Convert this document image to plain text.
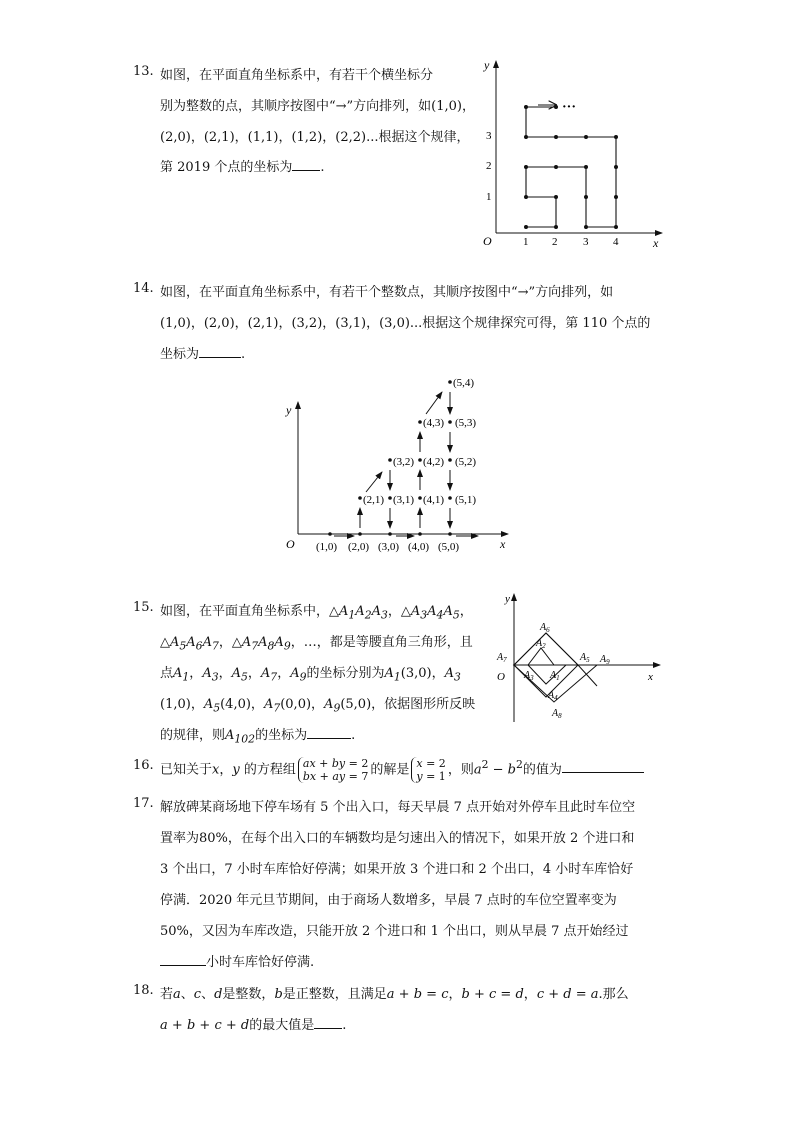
13. 如图，在平面直角坐标系中，有若干个横坐标分
别为整数的点，其顺序按图中“→”方向排列，如(1,0)，
(2,0)，(2,1)，(1,1)，(1,2)，(2,2)...根据这个规律，
第 2019 个点的坐标为 .
y
x
O	1 2 3 4
1
2
3
···
14. 如图，在平面直角坐标系中，有若干个整数点，其顺序按图中“→”方向排列，如
(1,0)，(2,0)，(2,1)，(3,2)，(3,1)，(3,0)...根据这个规律探究可得，第 110 个点的
坐标为	.
y
x
O (1,0) (2,0) (3,0) (4,0) (5,0)
(2,1)
(3,2)
(3,1)
(4,3)
(4,2)
(4,1)
(5,4)
(5,3)
(5,2)
(5,1)
15. 如图，在平面直角坐标系中，$\triangle A_1A_2A_3$，$\triangle A_3A_4A_5$，
$\triangle A_5A_6A_7$，$\triangle A_7A_8A_9$，…，都是等腰直角三角形，且
点$A_1$，$A_3$，$A_5$，$A_7$，$A_9$的坐标分别为$A_1(3,0)$，$A_3$
(1,0)，$A_5(4,0)$，$A_7(0,0)$，$A_9(5,0)$，依据图形所反映
的规律，则$A_{102}$的坐标为	.
y
x
O
$A_6$
$A_2$
$A_7$	$A_5$ $A_9$
$A_3$ $A_1$
$A_4$
$A_8$
16. 已知关于x，y 的方程组 ax + by = 2
bx + ay = 7 的解是 x = 2
y = 1 ，则$a^2 - b^2$的值为
17. 解放碑某商场地下停车场有 5 个出入口，每天早晨 7 点开始对外停车且此时车位空
置率为80%，在每个出入口的车辆数均是匀速出入的情况下，如果开放 2 个进口和
3 个出口，7 小时车库恰好停满；如果开放 3 个进口和 2 个出口，4 小时车库恰好
停满．2020 年元旦节期间，由于商场人数增多，早晨 7 点时的车位空置率变为
50%，又因为车库改造，只能开放 2 个进口和 1 个出口，则从早晨 7 点开始经过
小时车库恰好停满.
18. 若a、c、d是整数，b是正整数，且满足a + b = c，b + c = d，c + d = a.那么
a + b + c + d的最大值是 .
